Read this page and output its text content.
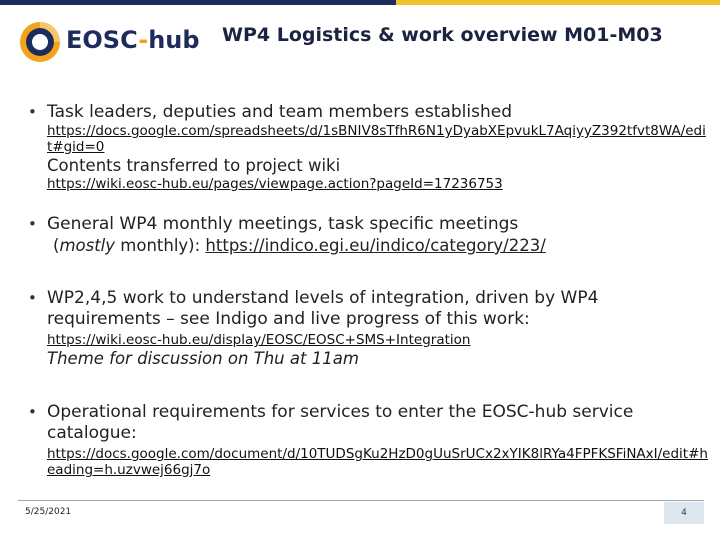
EOSC-hub WP4 Logistics & work overview M01-M03
• Task leaders, deputies and team members established
https://docs.google.com/spreadsheets/d/1sBNIV8sTfhR6N1yDyabXEpvukL7AqiyyZ392tfvt8WA/edit#gid=0
Contents transferred to project wiki
https://wiki.eosc-hub.eu/pages/viewpage.action?pageId=17236753
• General WP4 monthly meetings, task specific meetings
(mostly monthly): https://indico.egi.eu/indico/category/223/
• WP2,4,5 work to understand levels of integration, driven by WP4 requirements – see Indigo and live progress of this work:
https://wiki.eosc-hub.eu/display/EOSC/EOSC+SMS+Integration
Theme for discussion on Thu at 11am
• Operational requirements for services to enter the EOSC-hub service catalogue:
https://docs.google.com/document/d/10TUDSgKu2HzD0gUuSrUCx2xYIK8lRYa4FPFKSFiNAxI/edit#heading=h.uzvwej66gj7o
5/25/2021	4
